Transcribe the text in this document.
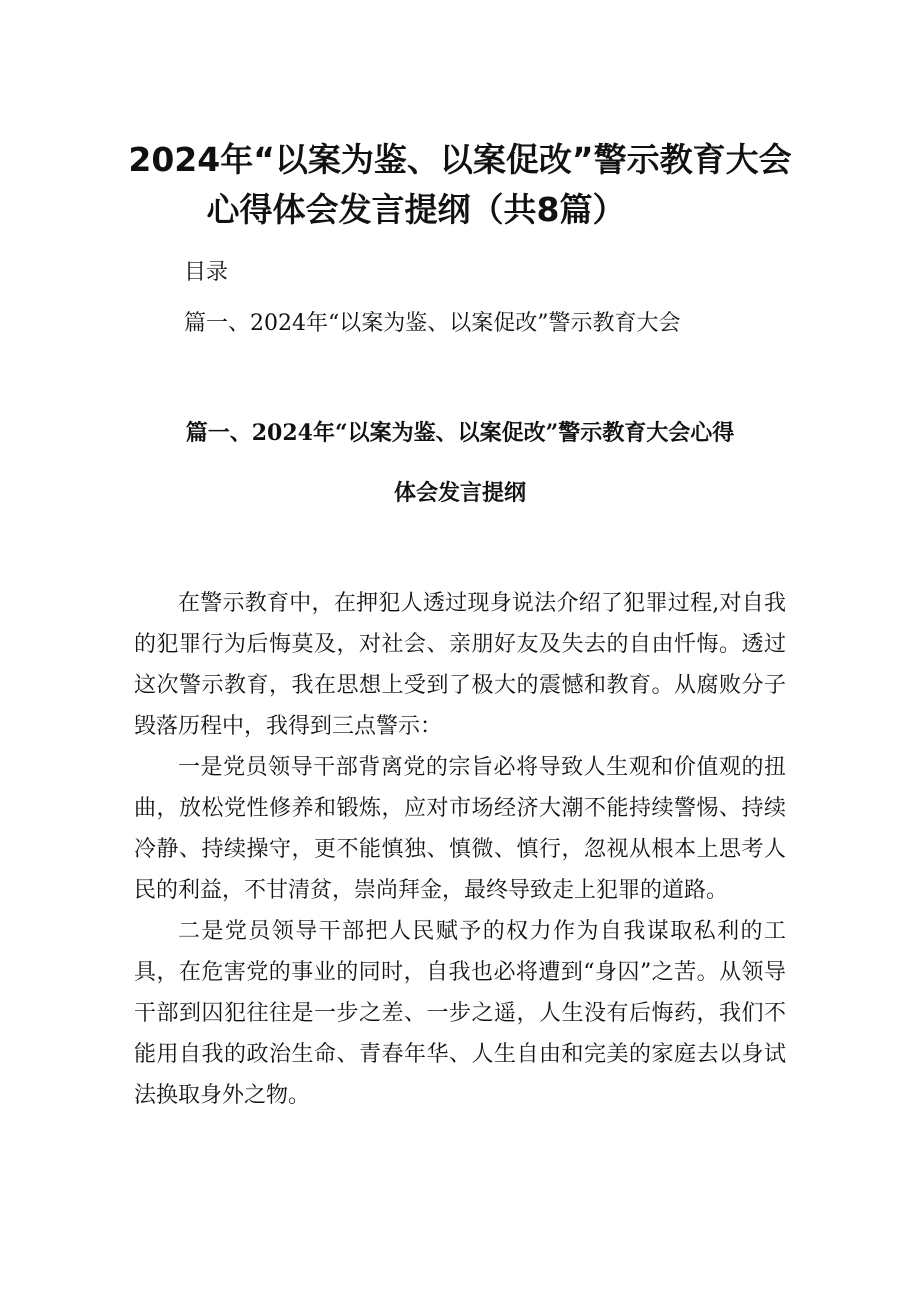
2024年“以案为鉴、以案促改”警示教育大会
心得体会发言提纲（共8篇）

目录

篇一、2024年“以案为鉴、以案促改”警示教育大会

篇一、2024年“以案为鉴、以案促改”警示教育大会心得
体会发言提纲

在警示教育中，在押犯人透过现身说法介绍了犯罪过程,对自我的犯罪行为后悔莫及，对社会、亲朋好友及失去的自由忏悔。透过这次警示教育，我在思想上受到了极大的震憾和教育。从腐败分子毁落历程中，我得到三点警示：

一是党员领导干部背离党的宗旨必将导致人生观和价值观的扭曲，放松党性修养和锻炼，应对市场经济大潮不能持续警惕、持续冷静、持续操守，更不能慎独、慎微、慎行，忽视从根本上思考人民的利益，不甘清贫，崇尚拜金，最终导致走上犯罪的道路。

二是党员领导干部把人民赋予的权力作为自我谋取私利的工具，在危害党的事业的同时，自我也必将遭到“身囚”之苦。从领导干部到囚犯往往是一步之差、一步之遥，人生没有后悔药，我们不能用自我的政治生命、青春年华、人生自由和完美的家庭去以身试法换取身外之物。
